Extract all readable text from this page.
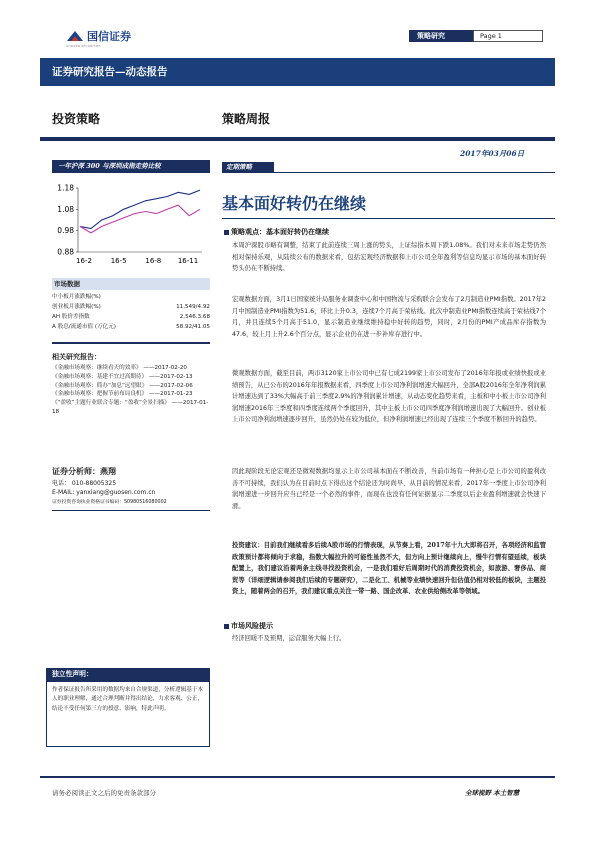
国信证券
GUOSEN SECURITIES
策略研究	Page 1
证券研究报告—动态报告
投资策略	策略周报
2017年03月06日
一年沪深 300 与深圳成指走势比较
1.18
1.08
0.98
0.88
16-2	16-5	16-8 16-11
市场数据
中小板月涨跌幅(%)
创业板月涨跌幅(%)	11,549/4.92
AH 股价差指数	2,546.3.68
A 股总/流通市值 (万亿元)	58.92/41.05
相关研究报告：
《金融市场观察：继续看天的效率》 ——2017-02-20
《金融市场观察：基建不宜过高期待》 ——2017-02-13
《金融市场观察：简办“加息”远望眼》 ——2017-02-06
《金融市场观察：把握节前布局良机》 ——2017-01-23
《“盈收”主题行业联合专题：“盈收”全景扫描》 ——2017-01-18
证券分析师：燕翔
电话： 010-88005325
E-MAIL: yanxiang@guosen.com.cn
证券投资咨询执业资格证书编码：S0980516080002
独立性声明：
作者保证报告所采用的数据均来自合规渠道，分析逻辑基于本人的职业理解，通过合理判断并得出结论，力求客观、公正，结论不受任何第三方的授意、影响，特此声明。
定期策略
基本面好转仍在继续
策略观点：基本面好转仍在继续
本周沪深股市略有调整，结束了此前连续三周上涨的势头，上证综指本周下跌1.08%。我们对未来市场走势仍然相对保持乐观，从陆续公布的数据来看，包括宏观经济数据和上市公司全年盈利等信息均显示市场的基本面好转势头仍在不断持续。
宏观数据方面，3月1日国家统计局服务业调查中心和中国物流与采购联合会发布了2月制造业PMI指数。2017年2月中国制造业PMI指数为51.6，环比上升0.3，连续7个月高于荣枯线。此次中制造业PMI指数连续高于荣枯线7个月，并且连续5个月高于51.0，显示制造业继续维持稳中好转的趋势，同时，2月份的PMI产成品库存指数为47.6，较上月上升2.6个百分点，显示企业仍在进一步补库存进行中。
微观数据方面，截至目前，两市3120家上市公司中已有七成2199家上市公司发布了2016年年报或业绩快报或业绩预告，从已公布的2016年年报数据来看，四季度上市公司净利润增速大幅回升，全部A股2016年全年净利润累计增速达到了33%大幅高于前三季度2.9%的净利润累计增速，从动态变化趋势来看，主板和中小板上市公司净利润增速2016年三季度和四季度连续两个季度回升，其中主板上市公司四季度净利润增速出现了大幅回升。创业板上市公司净利润增速逐步回升，虽然仍处在较为低位，但净利润增速已经出现了连续三个季度不断回升的趋势。
因此现阶段无论宏观还是微观数据均显示上市公司基本面在不断改善，当前市场有一种担心是上市公司的盈利改善不可持续，我们认为在目前时点下得出这个结论还为时尚早，从目前的情况来看，2017年一季度上市公司净利润增速进一步回升应当已经是一个必然的事件，而现在也没有任何证据显示二季度以后企业盈利增速就会快速下滑。
投资建议：目前我们继续看多后续A股市场的行情表现，从节奏上看，2017年十九大即将召开，各项经济和监管政策预计都将倾向于求稳，指数大幅拉升的可能性虽然不大，但方向上预计继续向上，慢牛行情有望延续，板块配置上，我们建议沿着两条主线寻找投资机会，一是我们看好后周期时代的消费投资机会，如旅游、奢侈品、商贸等（详细逻辑请参阅我们后续的专题研究），二是化工、机械等业绩快速回升但估值仍相对较低的板块，主题投资上，随着两会的召开，我们建议重点关注一带一路、国企改革、农业供给侧改革等领域。
市场风险提示
经济回暖不及预期，运营服务大幅上行。
请务必阅读正文之后的免责条款部分	全球视野 本土智慧
